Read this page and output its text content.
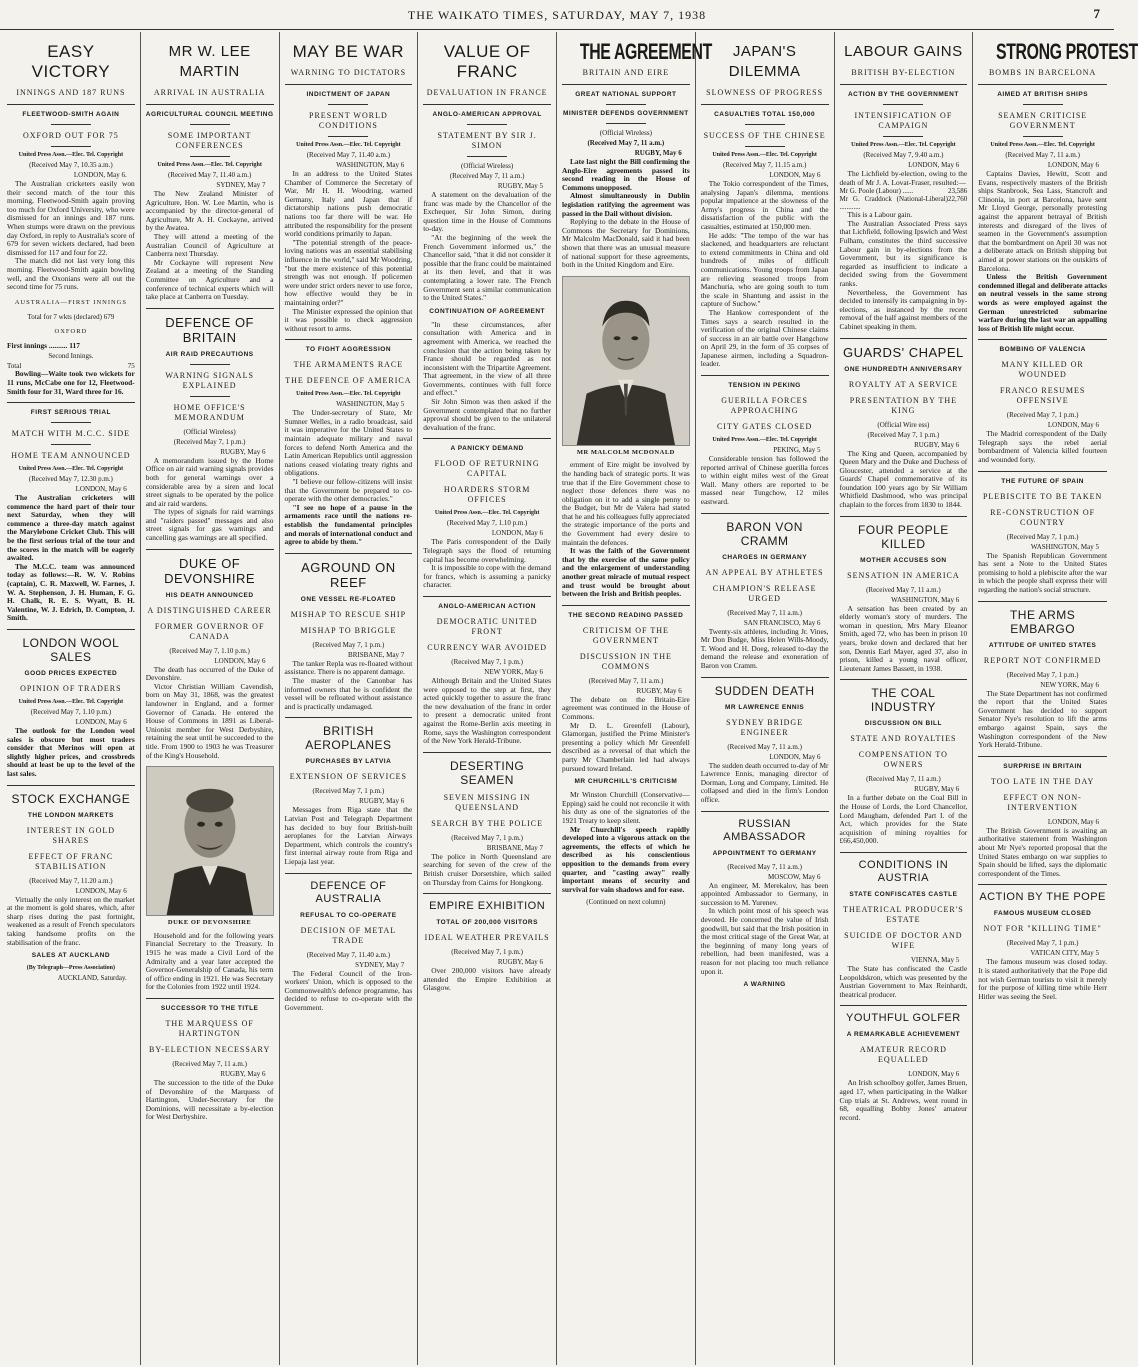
THE WAIKATO TIMES, SATURDAY, MAY 7, 1938	7
EASY VICTORY
INNINGS AND 187 RUNS
FLEETWOOD-SMITH AGAIN
OXFORD OUT FOR 75
United Press Assn.—Elec. Tel. Copyright
(Received May 7, 10.35 a.m.)
LONDON, May 6.

The Australian cricketers easily won their second match of the tour this morning, Fleetwood-Smith again proving too much for Oxford University, who were dismissed for an innings and 187 runs. When stumps were drawn on the previous day Oxford, in reply to Australia's score of 679 for seven wickets declared, had been dismissed for 117 and four for 22.

The match did not last very long this morning. Fleetwood-Smith again bowling well, and the Oxonians were all out the second time for 75 runs.

AUSTRALIA—FIRST INNINGS
Total for 7 wkts (declared) 679
OXFORD
First innings .......... 117
Second Innings.
Total	75

Bowling—Waite took two wickets for 11 runs, McCabe one for 12, Fleetwood-Smith four for 31, Ward three for 16.

FIRST SERIOUS TRIAL
MATCH WITH M.C.C. SIDE
HOME TEAM ANNOUNCED
United Press Assn.—Elec. Tel. Copyright
(Received May 7, 12.30 p.m.)
LONDON, May 6

The Australian cricketers will commence the hard part of their tour next Saturday, when they will commence a three-day match against the Marylebone Cricket Club. This will be the first serious trial of the tour and the scores in the match will be eagerly awaited.

The M.C.C. team was announced today as follows:—R. W. V. Robins (captain), C. R. Maxwell, W. Farnes, J. W. A. Stephenson, J. H. Human, F. G. H. Chalk, R. E. S. Wyatt, B. H. Valentine, W. J. Edrich, D. Compton, J. Smith.

LONDON WOOL SALES
GOOD PRICES EXPECTED
OPINION OF TRADERS
United Press Assn.—Elec. Tel. Copyright
(Received May 7, 1.10 p.m.)
LONDON, May 6

The outlook for the London wool sales is obscure but most traders consider that Merinos will open at slightly higher prices, and crossbreds should at least be up to the level of the last sales.

STOCK EXCHANGE
THE LONDON MARKETS
INTEREST IN GOLD SHARES
EFFECT OF FRANC STABILISATION
(Received May 7, 11.20 a.m.)
LONDON, May 6

Virtually the only interest on the market at the moment is gold shares, which, after sharp rises during the past fortnight, weakened as a result of French speculators taking handsome profits on the stabilisation of the franc.

SALES AT AUCKLAND
(By Telegraph—Press Association)
AUCKLAND, Saturday.
MR W. LEE MARTIN
ARRIVAL IN AUSTRALIA
AGRICULTURAL COUNCIL MEETING
SOME IMPORTANT CONFERENCES
United Press Assn.—Elec. Tel. Copyright
(Received May 7, 11.40 a.m.)
SYDNEY, May 7

The New Zealand Minister of Agriculture, Hon. W. Lee Martin, who is accompanied by the director-general of Agriculture, Mr A. H. Cockayne, arrived by the Awatea.

They will attend a meeting of the Australian Council of Agriculture at Canberra next Thursday.

Mr Cockayne will represent New Zealand at a meeting of the Standing Committee on Agriculture and a conference of technical experts which will take place at Canberra on Tuesday.

DEFENCE OF BRITAIN
AIR RAID PRECAUTIONS
WARNING SIGNALS EXPLAINED
HOME OFFICE'S MEMORANDUM
(Official Wireless)
(Received May 7, 1 p.m.)
RUGBY, May 6

A memorandum issued by the Home Office on air raid warning signals provides both for general warnings over a considerable area by a siren and local street signals to be operated by the police and air raid wardens.

The types of signals for raid warnings and "raiders passed" messages and also street signals for gas warnings and cancelling gas warnings are all specified.

DUKE OF DEVONSHIRE
HIS DEATH ANNOUNCED
A DISTINGUISHED CAREER
FORMER GOVERNOR OF CANADA
(Received May 7, 1.10 p.m.)
LONDON, May 6

The death has occurred of the Duke of Devonshire.

Victor Christian William Cavendish, born on May 31, 1868, was the greatest landowner in England, and a former Governor of Canada. He entered the House of Commons in 1891 as Liberal-Unionist member for West Derbyshire, retaining the seat until he succeeded to the title. From 1900 to 1903 he was Treasurer of the King's Household.

DUKE OF DEVONSHIRE

Household and for the following years Financial Secretary to the Treasury. In 1915 he was made a Civil Lord of the Admiralty and a year later accepted the Governor-Generalship of Canada, his term of office ending in 1921. He was Secretary for the Colonies from 1922 until 1924.

SUCCESSOR TO THE TITLE
THE MARQUESS OF HARTINGTON
BY-ELECTION NECESSARY
(Received May 7, 11 a.m.)
RUGBY, May 6

The succession to the title of the Duke of Devonshire of the Marquess of Hartington, Under-Secretary for the Dominions, will necessitate a by-election for West Derbyshire.

MAY BE WAR
WARNING TO DICTATORS
INDICTMENT OF JAPAN
PRESENT WORLD CONDITIONS
United Press Assn.—Elec. Tel. Copyright
(Received May 7, 11.40 a.m.)
WASHINGTON, May 6

In an address to the United States Chamber of Commerce the Secretary of War, Mr H. H. Woodring, warned Germany, Italy and Japan that if dictatorship nations push democratic nations too far there will be war. He attributed the responsibility for the present world conditions primarily to Japan.

"The potential strength of the peace-loving nations was an essential stabilising influence in the world," said Mr Woodring, "but the mere existence of this potential strength was not enough. If policemen were under strict orders never to use force, how effective would they be in maintaining order?"

The Minister expressed the opinion that it was possible to check aggression without resort to arms.

TO FIGHT AGGRESSION
THE ARMAMENTS RACE
THE DEFENCE OF AMERICA
United Press Assn.—Elec. Tel. Copyright
WASHINGTON, May 5

The Under-secretary of State, Mr Sumner Welles, in a radio broadcast, said it was imperative for the United States to maintain adequate military and naval forces to defend North America and the Latin American Republics until aggression nations ceased violating treaty rights and obligations.

"I believe our fellow-citizens will insist that the Government be prepared to co-operate with the other democracies."

"I see no hope of a pause in the armaments race until the nations re-establish the fundamental principles and morals of international conduct and agree to abide by them."

AGROUND ON REEF
ONE VESSEL RE-FLOATED
MISHAP TO RESCUE SHIP
MISHAP TO BRIGGLE
(Received May 7, 1 p.m.)
BRISBANE, May 7

The tanker Repla was re-floated without assistance. There is no apparent damage.

The master of the Canonbar has informed owners that he is confident the vessel will be refloated without assistance and is practically undamaged.

BRITISH AEROPLANES
PURCHASES BY LATVIA
EXTENSION OF SERVICES
(Received May 7, 1 p.m.)
RUGBY, May 6

Messages from Riga state that the Latvian Post and Telegraph Department has decided to buy four British-built aeroplanes for the Latvian Airways Department, which controls the country's first internal airway route from Riga and Liepaja last year.

DEFENCE OF AUSTRALIA
REFUSAL TO CO-OPERATE
DECISION OF METAL TRADE
(Received May 7, 11.40 a.m.)
SYDNEY, May 7

The Federal Council of the Iron-workers' Union, which is opposed to the Commonwealth's defence programme, has decided to refuse to co-operate with the Government.

VALUE OF FRANC
DEVALUATION IN FRANCE
ANGLO-AMERICAN APPROVAL
STATEMENT BY SIR J. SIMON
(Official Wireless)
(Received May 7, 11 a.m.)
RUGBY, May 5

A statement on the devaluation of the franc was made by the Chancellor of the Exchequer, Sir John Simon, during question time in the House of Commons to-day.

"At the beginning of the week the French Government informed us," the Chancellor said, "that it did not consider it possible that the franc could be maintained at its then level, and that it was contemplating a lower rate. The French Government sent a similar communication to the United States."

CONTINUATION OF AGREEMENT

"In these circumstances, after consultation with America and in agreement with America, we reached the conclusion that the action being taken by France should be regarded as not inconsistent with the Tripartite Agreement. That agreement, in the view of all three Governments, continues with full force and effect."

Sir John Simon was then asked if the Government contemplated that no further approval should be given to the unilateral devaluation of the franc.

A PANICKY DEMAND
FLOOD OF RETURNING CAPITAL
HOARDERS STORM OFFICES
United Press Assn.—Elec. Tel. Copyright
(Received May 7, 1.10 p.m.)
LONDON, May 6

The Paris correspondent of the Daily Telegraph says the flood of returning capital has become overwhelming.

It is impossible to cope with the demand for francs, which is assuming a panicky character.

ANGLO-AMERICAN ACTION
DEMOCRATIC UNITED FRONT
CURRENCY WAR AVOIDED
(Received May 7, 1 p.m.)
NEW YORK, May 6

Although Britain and the United States were opposed to the step at first, they acted quickly together to assure the franc the new devaluation of the franc in order to present a democratic united front against the Rome-Berlin axis meeting in Rome, says the Washington correspondent of the New York Herald-Tribune.

DESERTING SEAMEN
SEVEN MISSING IN QUEENSLAND
SEARCH BY THE POLICE
(Received May 7, 1 p.m.)
BRISBANE, May 7

The police in North Queensland are searching for seven of the crew of the British cruiser Dorsetshire, which sailed on Thursday from Cairns for Hongkong.

EMPIRE EXHIBITION
TOTAL OF 200,000 VISITORS
IDEAL WEATHER PREVAILS
(Received May 7, 1 p.m.)
RUGBY, May 6

Over 200,000 visitors have already attended the Empire Exhibition at Glasgow.

THE AGREEMENT
BRITAIN AND EIRE
GREAT NATIONAL SUPPORT
MINISTER DEFENDS GOVERNMENT
(Official Wireless)
(Received May 7, 11 a.m.)
RUGBY, May 6

Late last night the Bill confirming the Anglo-Eire agreements passed its second reading in the House of Commons unopposed.

Almost simultaneously in Dublin legislation ratifying the agreement was passed in the Dail without division.

Replying to the debate in the House of Commons the Secretary for Dominions, Mr Malcolm MacDonald, said it had been shown that there was an unusual measure of national support for these agreements, both in the United Kingdom and Eire.

MR MALCOLM MCDONALD

ernment of Eire might be involved by the handing back of strategic ports. It was true that if the Eire Government chose to neglect those defences there was no obligation on it to add a single penny to the Budget, but Mr de Valera had stated that he and his colleagues fully appreciated the strategic importance of the ports and the Government had every desire to maintain the defences.

It was the faith of the Government that by the exercise of the same policy and the enlargement of understanding another great miracle of mutual respect and trust would be brought about between the Irish and British peoples.

THE SECOND READING PASSED
CRITICISM OF THE GOVERNMENT
DISCUSSION IN THE COMMONS
(Received May 7, 11 a.m.)
RUGBY, May 6

The debate on the Britain-Eire agreement was continued in the House of Commons.

Mr D. L. Greenfell (Labour), Glamorgan, justified the Prime Minister's presenting a policy which Mr Greenfell described as a reversal of that which the party Mr Chamberlain led had always pursued toward Ireland.

MR CHURCHILL'S CRITICISM

Mr Winston Churchill (Conservative—Epping) said he could not reconcile it with his duty as one of the signatories of the 1921 Treaty to keep silent.

Mr Churchill's speech rapidly developed into a vigorous attack on the agreements, the effects of which he described as his conscientious opposition to the demands from every quarter, and "casting away" really important means of security and survival for vain shadows and for ease.

(Continued on next column)
JAPAN'S DILEMMA
SLOWNESS OF PROGRESS
CASUALTIES TOTAL 150,000
SUCCESS OF THE CHINESE
United Press Assn.—Elec. Tel. Copyright
(Received May 7, 11.15 a.m.)
LONDON, May 6

The Tokio correspondent of the Times, analysing Japan's dilemma, mentions popular impatience at the slowness of the Army's progress in China and the dissatisfaction of the public with the casualties, estimated at 150,000 men.

He adds: "The tempo of the war has slackened, and headquarters are reluctant to extend commitments in China and old hundreds of miles of difficult communications. Young troops from Japan are relieving seasoned troops from Manchuria, who are going south to turn the scale in Shantung and assist in the capture of Suchow."

The Hankow correspondent of the Times says a search resulted in the verification of the original Chinese claims of success in an air battle over Hangchow on April 29, in the form of 35 corpses of Japanese airmen, including a Squadron-leader.

TENSION IN PEKING
GUERILLA FORCES APPROACHING
CITY GATES CLOSED
United Press Assn.—Elec. Tel. Copyright
PEKING, May 5

Considerable tension has followed the reported arrival of Chinese guerilla forces to within eight miles west of the Great Wall. Many others are reported to be massed near Tungchow, 12 miles eastward.

BARON VON CRAMM
CHARGES IN GERMANY
AN APPEAL BY ATHLETES
CHAMPION'S RELEASE URGED
(Received May 7, 11 a.m.)
SAN FRANCISCO, May 6

Twenty-six athletes, including Jr. Vines, Mr Don Budge, Miss Helen Wills-Moody, T. Wood and H. Doeg, released to-day the demand the release and exoneration of Baron von Cramm.

SUDDEN DEATH
MR LAWRENCE ENNIS
SYDNEY BRIDGE ENGINEER
(Received May 7, 11 a.m.)
LONDON, May 6

The sudden death occurred to-day of Mr Lawrence Ennis, managing director of Dorman, Long and Company, Limited. He collapsed and died in the firm's London office.

RUSSIAN AMBASSADOR
APPOINTMENT TO GERMANY
(Received May 7, 11 a.m.)
MOSCOW, May 6

An engineer, M. Merekalov, has been appointed Ambassador to Germany, in succession to M. Yurenev.

In which point most of his speech was devoted. He concerned the value of Irish goodwill, but said that the Irish position in the most critical stage of the Great War, at the beginning of many long years of rebellion, had been manifested, was a reason for not placing too much reliance upon it.

A WARNING
LABOUR GAINS
BRITISH BY-ELECTION
ACTION BY THE GOVERNMENT
INTENSIFICATION OF CAMPAIGN
United Press Assn.—Elec. Tel. Copyright
(Received May 7, 9.40 a.m.)
LONDON, May 6

The Lichfield by-election, owing to the death of Mr J. A. Lovat-Fraser, resulted:—

Mr G. Poole (Labour) ......	23,586
Mr G. Craddock (National-Liberal) ............
22,760

This is a Labour gain.

The Australian Associated Press says that Lichfield, following Ipswich and West Fulham, constitutes the third successive Labour gain in by-elections from the Government, but its significance is regarded as insufficient to indicate a decided swing from the Government ranks.

Nevertheless, the Government has decided to intensify its campaigning in by-elections, as instanced by the recent removal of the half against members of the Cabinet speaking in them.

GUARDS' CHAPEL
ONE HUNDREDTH ANNIVERSARY
ROYALTY AT A SERVICE
PRESENTATION BY THE KING
(Official Wire ess)
(Received May 7, 1 p.m.)
RUGBY, May 6

The King and Queen, accompanied by Queen Mary and the Duke and Duchess of Gloucester, attended a service at the Guards' Chapel commemorative of its foundation 100 years ago by Sir William Whitfield Dashmood, who was principal chaplain to the forces from 1830 to 1844.

FOUR PEOPLE KILLED
MOTHER ACCUSES SON
SENSATION IN AMERICA
(Received May 7, 11 a.m.)
WASHINGTON, May 6

A sensation has been created by an elderly woman's story of murders. The woman in question, Mrs Mary Eleanor Smith, aged 72, who has been in prison 10 years, broke down and declared that her son, Dennis Earl Mayer, aged 37, also in prison, killed a young naval officer, Lieutenant James Bassett, in 1938.

THE COAL INDUSTRY
DISCUSSION ON BILL
STATE AND ROYALTIES
COMPENSATION TO OWNERS
(Received May 7, 11 a.m.)
RUGBY, May 6

In a further debate on the Coal Bill in the House of Lords, the Lord Chancellor, Lord Maugham, defended Part I. of the Act, which provides for the State acquisition of mining royalties for £66,450,000.

CONDITIONS IN AUSTRIA
STATE CONFISCATES CASTLE
THEATRICAL PRODUCER'S ESTATE
SUICIDE OF DOCTOR AND WIFE
VIENNA, May 5

The State has confiscated the Castle Leopoldskron, which was presented by the Austrian Government to Max Reinhardt, theatrical producer.

YOUTHFUL GOLFER
A REMARKABLE ACHIEVEMENT
AMATEUR RECORD EQUALLED
LONDON, May 6

An Irish schoolboy golfer, James Bruen, aged 17, when participating in the Walker Cup trials at St. Andrews, went round in 68, equalling Bobby Jones' amateur record.

STRONG PROTEST
BOMBS IN BARCELONA
AIMED AT BRITISH SHIPS
SEAMEN CRITICISE GOVERNMENT
United Press Assn.—Elec. Tel. Copyright
(Received May 7, 11 a.m.)
LONDON, May 6

Captains Davies, Hewitt, Scott and Evans, respectively masters of the British ships Stanbrook, Sea Lass, Stancroft and Clinonia, in port at Barcelona, have sent Mr Lloyd George, personally protesting against the apparent betrayal of British interests and disregard of the lives of seamen in the Government's assumption that the bombardment on April 30 was not a deliberate attack on British shipping but aimed at power stations on the outskirts of Barcelona.

Unless the British Government condemned illegal and deliberate attacks on neutral vessels in the same strong words as were employed against the German unrestricted submarine warfare during the last war an appalling loss of British life might occur.

BOMBING OF VALENCIA
MANY KILLED OR WOUNDED
FRANCO RESUMES OFFENSIVE
(Received May 7, 1 p.m.)
LONDON, May 6

The Madrid correspondent of the Daily Telegraph says the rebel aerial bombardment of Valencia killed fourteen and wounded forty.

THE FUTURE OF SPAIN
PLEBISCITE TO BE TAKEN
RE-CONSTRUCTION OF COUNTRY
(Received May 7, 1 p.m.)
WASHINGTON, May 5

The Spanish Republican Government has sent a Note to the United States promising to hold a plebiscite after the war in which the people shall express their will regarding the nation's social structure.

THE ARMS EMBARGO
ATTITUDE OF UNITED STATES
REPORT NOT CONFIRMED
(Received May 7, 1 p.m.)
NEW YORK, May 6

The State Department has not confirmed the report that the United States Government has decided to support Senator Nye's resolution to lift the arms embargo against Spain, says the Washington correspondent of the New York Herald-Tribune.

SURPRISE IN BRITAIN
TOO LATE IN THE DAY
EFFECT ON NON-INTERVENTION
LONDON, May 6

The British Government is awaiting an authoritative statement from Washington about Mr Nye's reported proposal that the United States embargo on war supplies to Spain should be lifted, says the diplomatic correspondent of the Times.

ACTION BY THE POPE
FAMOUS MUSEUM CLOSED
NOT FOR "KILLING TIME"
(Received May 7, 1 p.m.)
VATICAN CITY, May 5

The famous museum was closed today. It is stated authoritatively that the Pope did not wish German tourists to visit it merely for the purpose of killing time while Herr Hitler was seeing the Seel.
